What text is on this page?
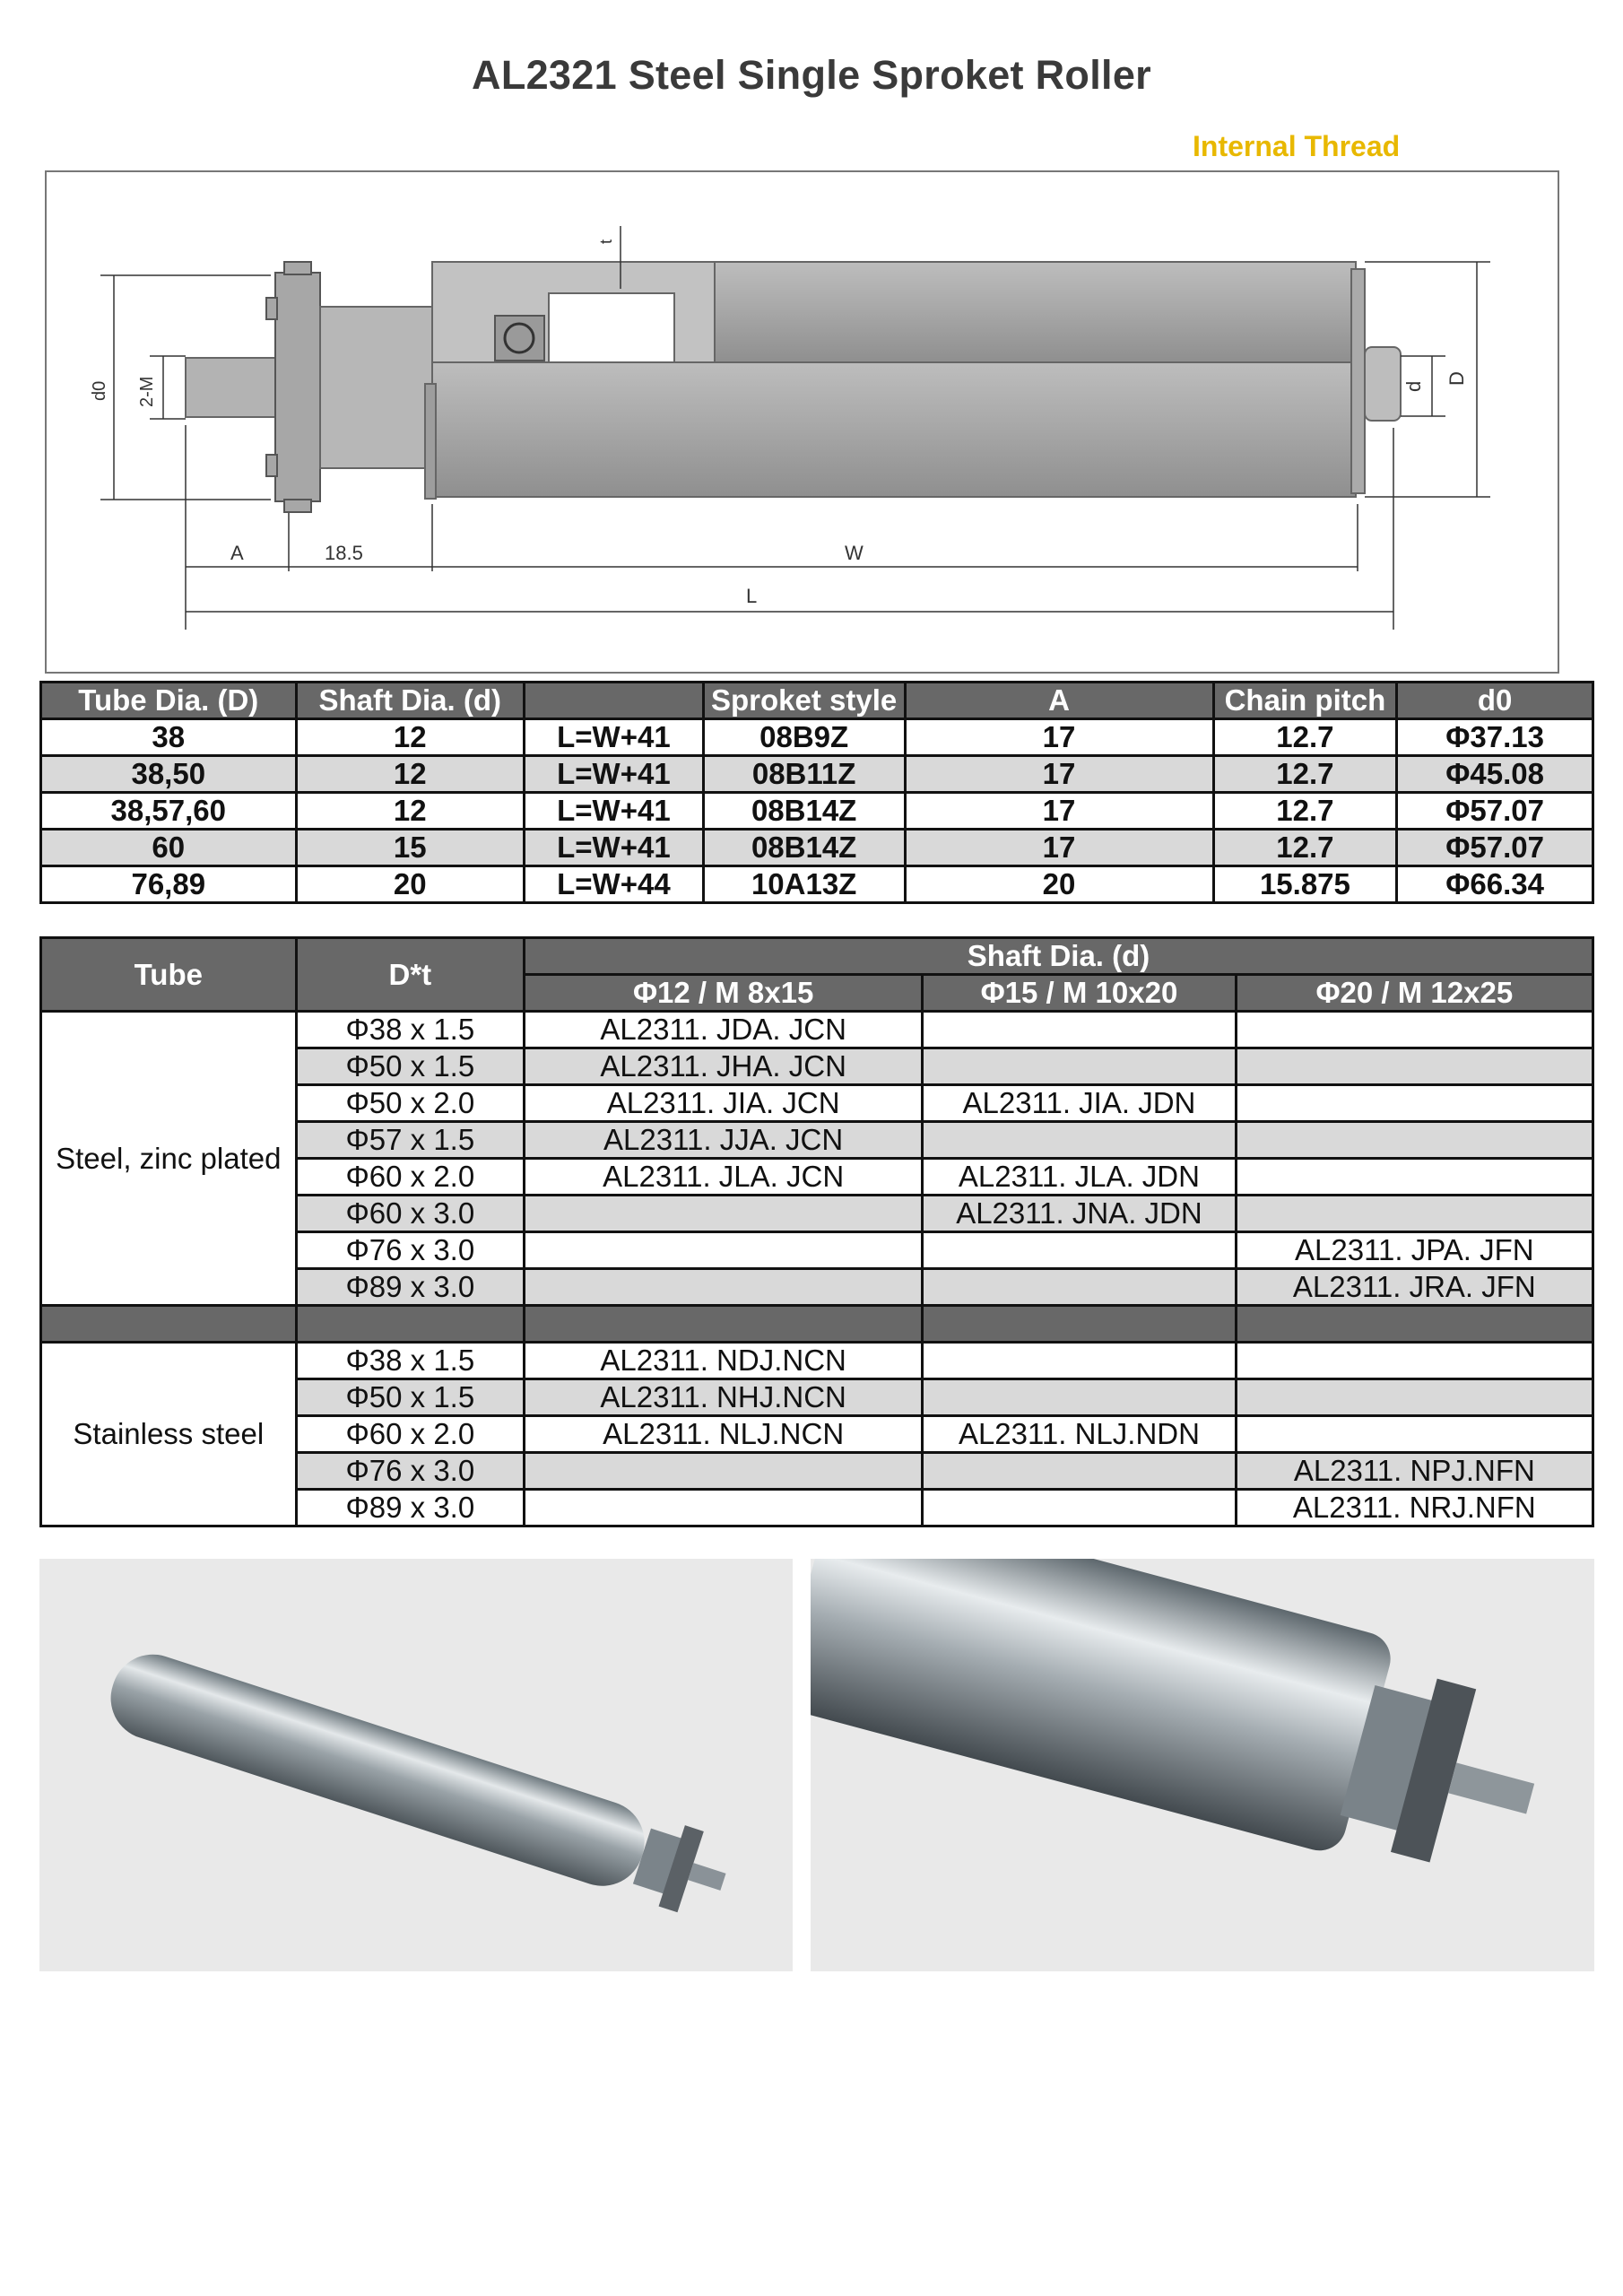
AL2321 Steel Single Sproket Roller
Internal Thread
t
d0 2-M	d
D
A	18.5	W
L
Tube Dia. (D)	Shaft Dia. (d)		Sproket style	A	Chain pitch	d0
38	12	L=W+41	08B9Z	17	12.7	Φ37.13
38,50	12	L=W+41	08B11Z	17	12.7	Φ45.08
38,57,60	12	L=W+41	08B14Z	17	12.7	Φ57.07
60	15	L=W+41	08B14Z	17	12.7	Φ57.07
76,89	20	L=W+44	10A13Z	20	15.875	Φ66.34
Tube	D*t	Shaft Dia. (d)		
		Φ12 / M 8x15	Φ15 / M 10x20	Φ20 / M 12x25
Steel, zinc plated	Φ38 x 1.5	AL2311. JDA. JCN		
	Φ50 x 1.5	AL2311. JHA. JCN		
	Φ50 x 2.0	AL2311. JIA. JCN	AL2311. JIA. JDN	
	Φ57 x 1.5	AL2311. JJA. JCN		
	Φ60 x 2.0	AL2311. JLA. JCN	AL2311. JLA. JDN	
	Φ60 x 3.0		AL2311. JNA. JDN	
	Φ76 x 3.0			AL2311. JPA. JFN
	Φ89 x 3.0			AL2311. JRA. JFN

Stainless steel	Φ38 x 1.5	AL2311. NDJ.NCN		
	Φ50 x 1.5	AL2311. NHJ.NCN		
	Φ60 x 2.0	AL2311. NLJ.NCN	AL2311. NLJ.NDN	
	Φ76 x 3.0			AL2311. NPJ.NFN
	Φ89 x 3.0			AL2311. NRJ.NFN
